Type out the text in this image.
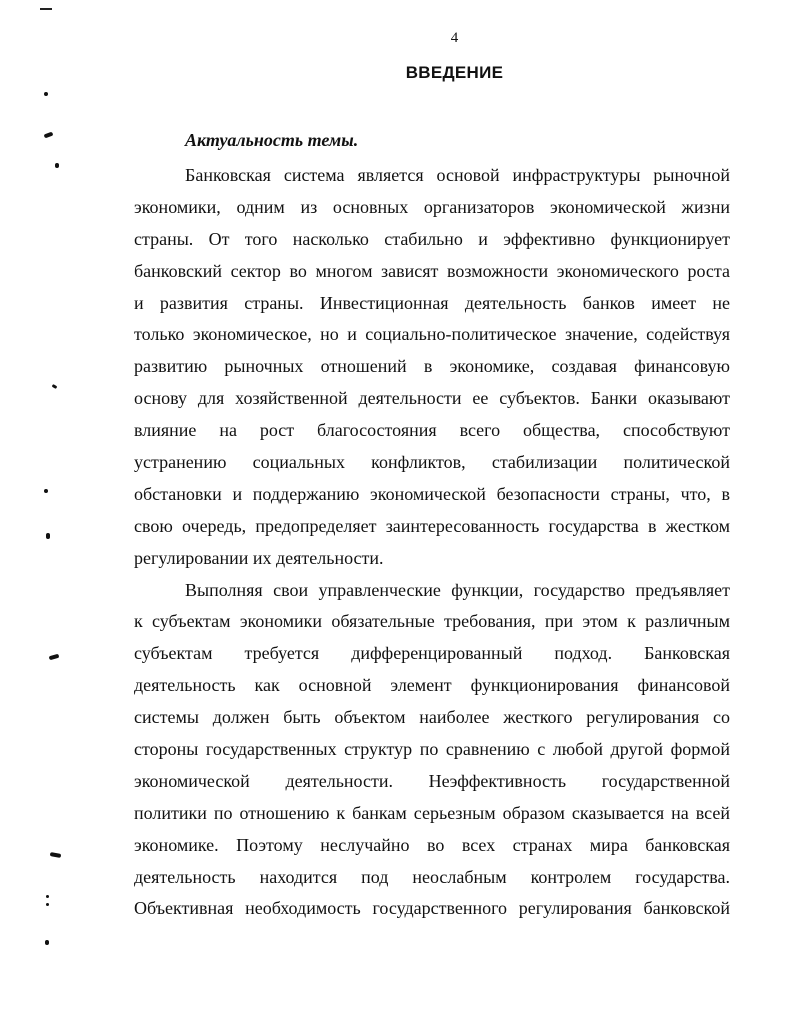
4
ВВЕДЕНИЕ
Актуальность темы.
Банковская система является основой инфраструктуры рыночной
экономики, одним из основных организаторов экономической жизни
страны. От того насколько стабильно и эффективно функционирует
банковский сектор во многом зависят возможности экономического роста
и развития страны. Инвестиционная деятельность банков имеет не
только экономическое, но и социально-политическое значение, содействуя
развитию рыночных отношений в экономике, создавая финансовую
основу для хозяйственной деятельности ее субъектов. Банки оказывают
влияние на рост благосостояния всего общества, способствуют
устранению социальных конфликтов, стабилизации политической
обстановки и поддержанию экономической безопасности страны, что, в
свою очередь, предопределяет заинтересованность государства в жестком
регулировании их деятельности.
Выполняя свои управленческие функции, государство предъявляет
к субъектам экономики обязательные требования, при этом к различным
субъектам требуется дифференцированный подход. Банковская
деятельность как основной элемент функционирования финансовой
системы должен быть объектом наиболее жесткого регулирования со
стороны государственных структур по сравнению с любой другой формой
экономической деятельности. Неэффективность государственной
политики по отношению к банкам серьезным образом сказывается на всей
экономике. Поэтому неслучайно во всех странах мира банковская
деятельность находится под неослабным контролем государства.
Объективная необходимость государственного регулирования банковской
